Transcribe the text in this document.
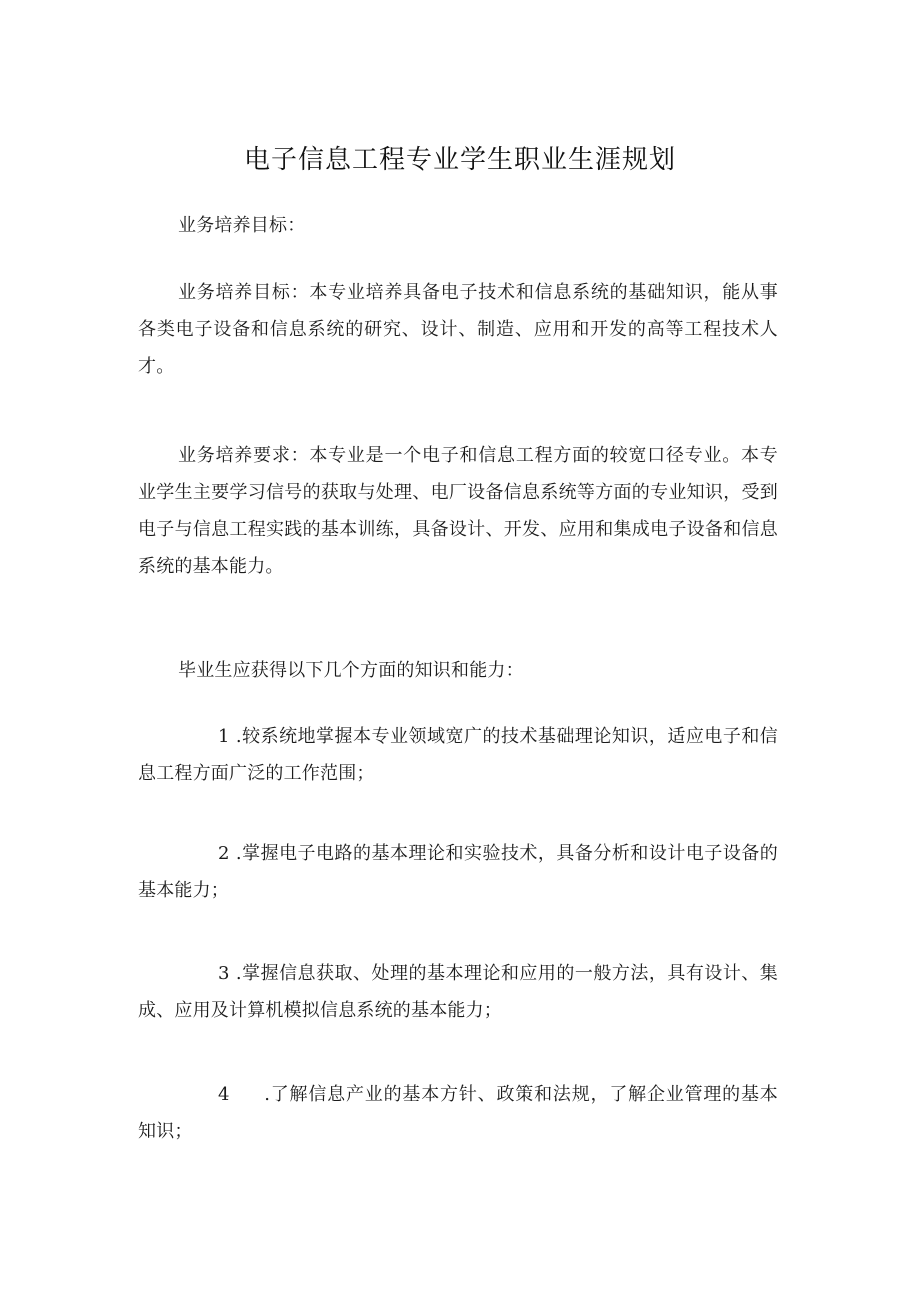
电子信息工程专业学生职业生涯规划

业务培养目标：

业务培养目标：本专业培养具备电子技术和信息系统的基础知识，能从事各类电子设备和信息系统的研究、设计、制造、应用和开发的高等工程技术人才。

业务培养要求：本专业是一个电子和信息工程方面的较宽口径专业。本专业学生主要学习信号的获取与处理、电厂设备信息系统等方面的专业知识，受到电子与信息工程实践的基本训练，具备设计、开发、应用和集成电子设备和信息系统的基本能力。

毕业生应获得以下几个方面的知识和能力：

1 .较系统地掌握本专业领域宽广的技术基础理论知识，适应电子和信息工程方面广泛的工作范围；

2 .掌握电子电路的基本理论和实验技术，具备分析和设计电子设备的基本能力；

3 .掌握信息获取、处理的基本理论和应用的一般方法，具有设计、集成、应用及计算机模拟信息系统的基本能力；

4 .了解信息产业的基本方针、政策和法规，了解企业管理的基本知识；
